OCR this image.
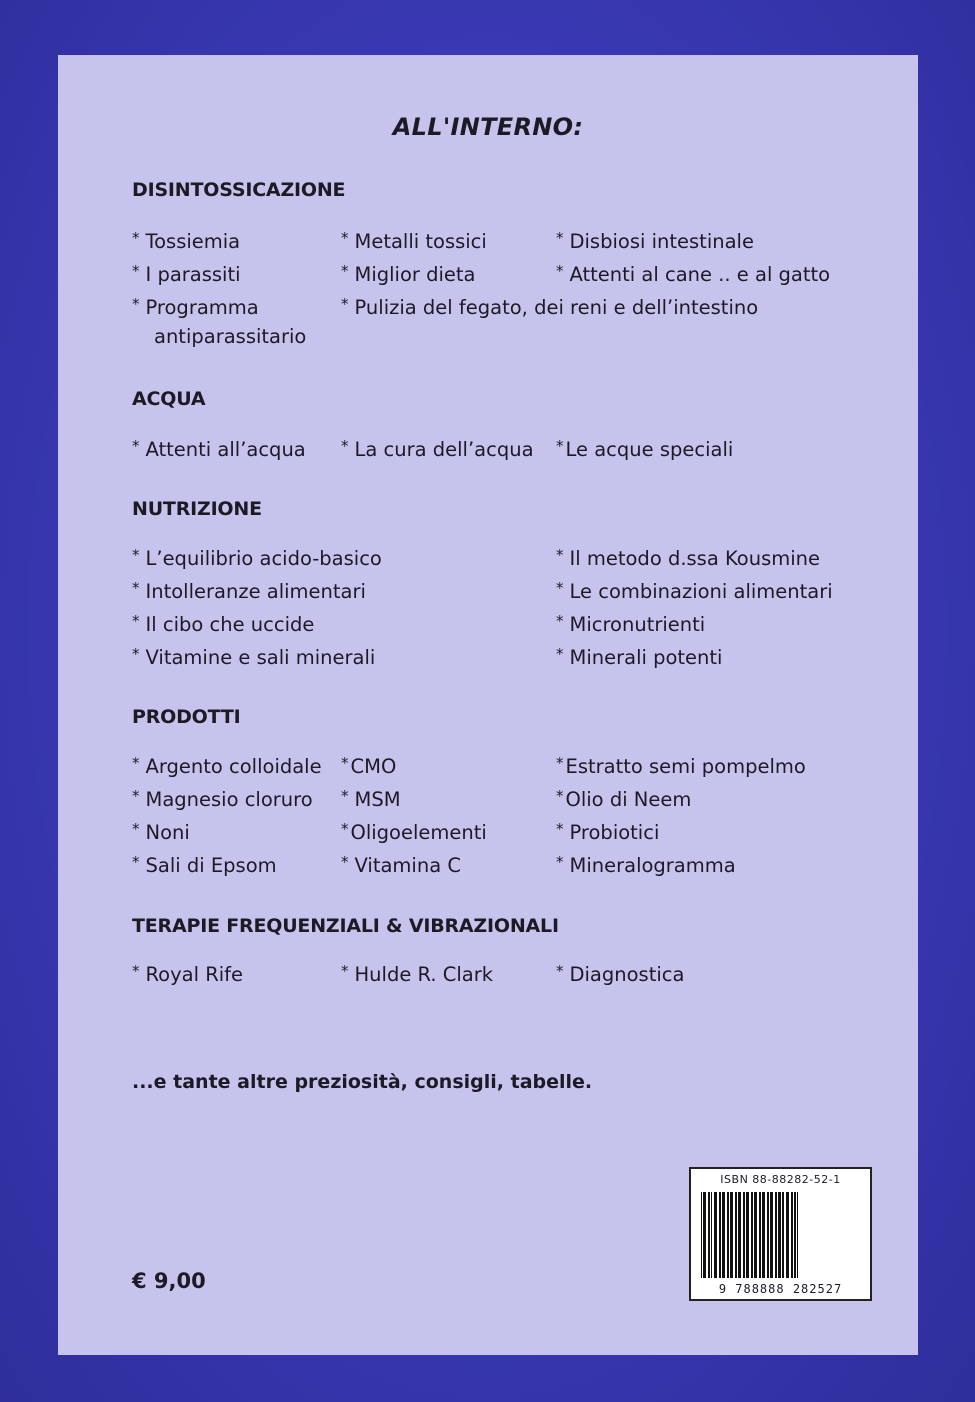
ALL'INTERNO:
DISINTOSSICAZIONE
* Tossiemia	* Metalli tossici	* Disbiosi intestinale
* I parassiti	* Miglior dieta	* Attenti al cane .. e al gatto
* Programma	* Pulizia del fegato, dei reni e dell’intestino
antiparassitario
ACQUA
* Attenti all’acqua * La cura dell’acqua * Le acque speciali
NUTRIZIONE
* L’equilibrio acido-basico	* Il metodo d.ssa Kousmine
* Intolleranze alimentari	* Le combinazioni alimentari
* Il cibo che uccide	* Micronutrienti
* Vitamine e sali minerali	* Minerali potenti
PRODOTTI
* Argento colloidale * CMO	* Estratto semi pompelmo
* Magnesio cloruro * MSM	* Olio di Neem
* Noni	* Oligoelementi	* Probiotici
* Sali di Epsom	* Vitamina C	* Mineralogramma
TERAPIE FREQUENZIALI & VIBRAZIONALI
* Royal Rife	* Hulde R. Clark	* Diagnostica
...e tante altre preziosità, consigli, tabelle.
€ 9,00
ISBN 88-88282-52-1
9 788888 282527
